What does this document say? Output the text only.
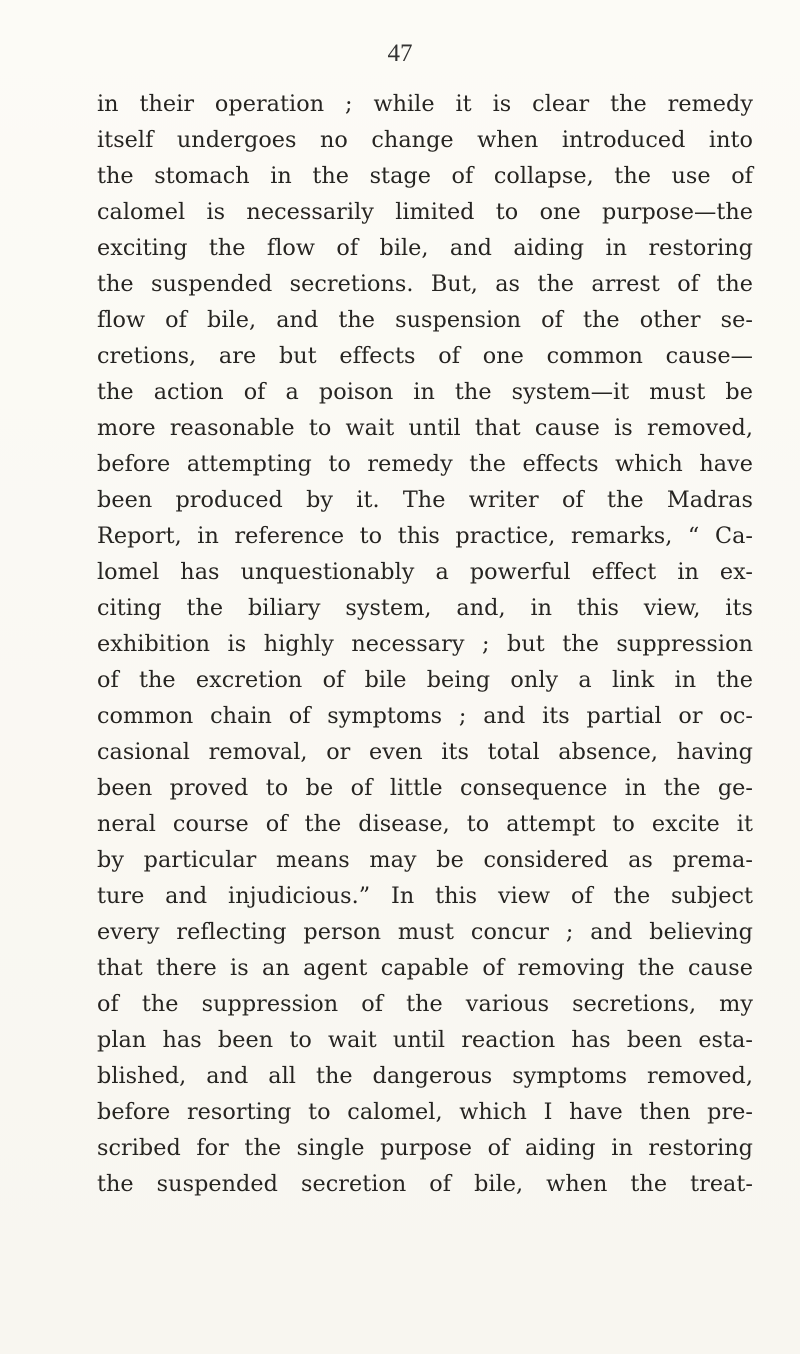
47
in their operation ; while it is clear the remedy
itself undergoes no change when introduced into
the stomach in the stage of collapse, the use of
calomel is necessarily limited to one purpose—the
exciting the flow of bile, and aiding in restoring
the suspended secretions. But, as the arrest of the
flow of bile, and the suspension of the other se-
cretions, are but effects of one common cause—
the action of a poison in the system—it must be
more reasonable to wait until that cause is removed,
before attempting to remedy the effects which have
been produced by it. The writer of the Madras
Report, in reference to this practice, remarks, “ Ca-
lomel has unquestionably a powerful effect in ex-
citing the biliary system, and, in this view, its
exhibition is highly necessary ; but the suppression
of the excretion of bile being only a link in the
common chain of symptoms ; and its partial or oc-
casional removal, or even its total absence, having
been proved to be of little consequence in the ge-
neral course of the disease, to attempt to excite it
by particular means may be considered as prema-
ture and injudicious.” In this view of the subject
every reflecting person must concur ; and believing
that there is an agent capable of removing the cause
of the suppression of the various secretions, my
plan has been to wait until reaction has been esta-
blished, and all the dangerous symptoms removed,
before resorting to calomel, which I have then pre-
scribed for the single purpose of aiding in restoring
the suspended secretion of bile, when the treat-
